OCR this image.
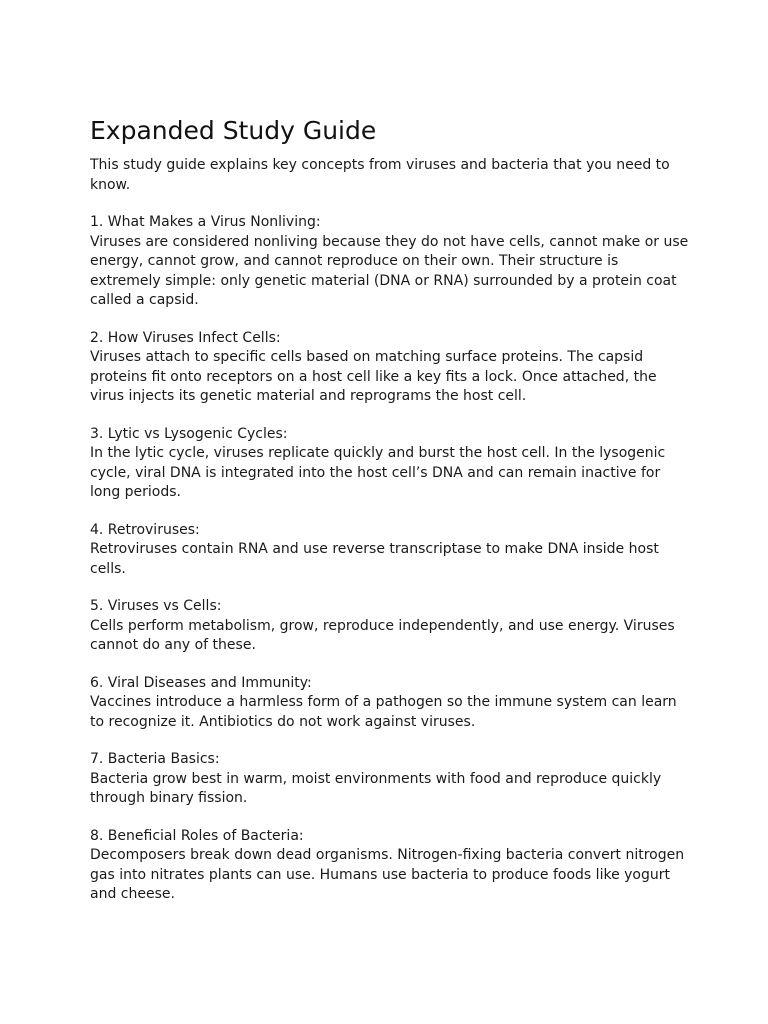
Expanded Study Guide

This study guide explains key concepts from viruses and bacteria that you need to know.

1. What Makes a Virus Nonliving:

Viruses are considered nonliving because they do not have cells, cannot make or use energy, cannot grow, and cannot reproduce on their own. Their structure is extremely simple: only genetic material (DNA or RNA) surrounded by a protein coat called a capsid.

2. How Viruses Infect Cells:

Viruses attach to specific cells based on matching surface proteins. The capsid proteins fit onto receptors on a host cell like a key fits a lock. Once attached, the virus injects its genetic material and reprograms the host cell.

3. Lytic vs Lysogenic Cycles:

In the lytic cycle, viruses replicate quickly and burst the host cell. In the lysogenic cycle, viral DNA is integrated into the host cell’s DNA and can remain inactive for long periods.

4. Retroviruses:

Retroviruses contain RNA and use reverse transcriptase to make DNA inside host cells.

5. Viruses vs Cells:

Cells perform metabolism, grow, reproduce independently, and use energy. Viruses cannot do any of these.

6. Viral Diseases and Immunity:

Vaccines introduce a harmless form of a pathogen so the immune system can learn to recognize it. Antibiotics do not work against viruses.

7. Bacteria Basics:

Bacteria grow best in warm, moist environments with food and reproduce quickly through binary fission.

8. Beneficial Roles of Bacteria:

Decomposers break down dead organisms. Nitrogen-fixing bacteria convert nitrogen gas into nitrates plants can use. Humans use bacteria to produce foods like yogurt and cheese.
